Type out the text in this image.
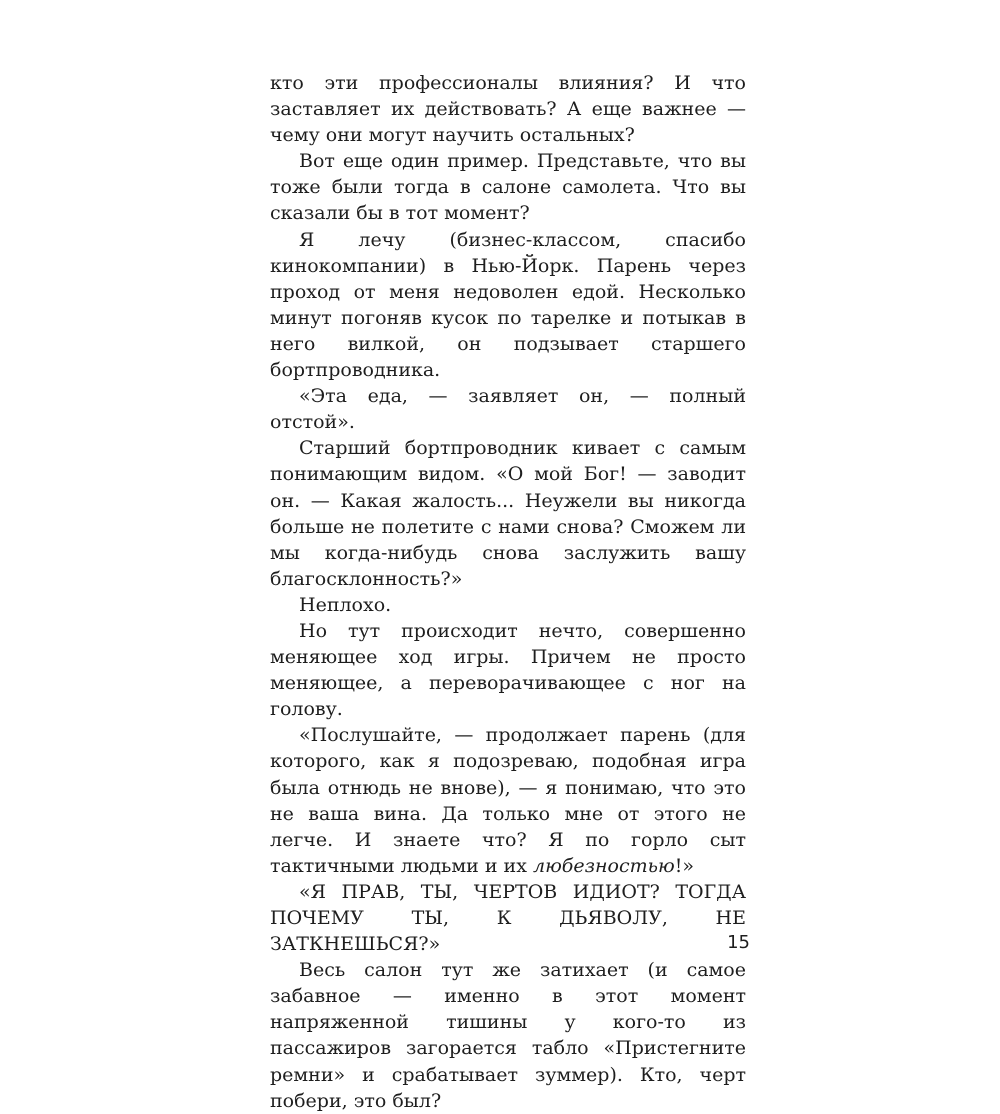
кто эти профессионалы влияния? И что заставляет их действовать? А еще важнее — чему они могут научить остальных?

Вот еще один пример. Представьте, что вы тоже были тогда в салоне самолета. Что вы сказали бы в тот момент?

Я лечу (бизнес-классом, спасибо кинокомпании) в Нью-Йорк. Парень через проход от меня недоволен едой. Несколько минут погоняв кусок по тарелке и потыкав в него вилкой, он подзывает старшего бортпроводника.

«Эта еда, — заявляет он, — полный отстой».

Старший бортпроводник кивает с самым понимающим видом. «О мой Бог! — заводит он. — Какая жалость... Неужели вы никогда больше не полетите с нами снова? Сможем ли мы когда-нибудь снова заслужить вашу благосклонность?»

Неплохо.

Но тут происходит нечто, совершенно меняющее ход игры. Причем не просто меняющее, а переворачивающее с ног на голову.

«Послушайте, — продолжает парень (для которого, как я подозреваю, подобная игра была отнюдь не внове), — я понимаю, что это не ваша вина. Да только мне от этого не легче. И знаете что? Я по горло сыт тактичными людьми и их любезностью!»

«Я ПРАВ, ТЫ, ЧЕРТОВ ИДИОТ? ТОГДА ПОЧЕМУ ТЫ, К ДЬЯВОЛУ, НЕ ЗАТКНЕШЬСЯ?»

Весь салон тут же затихает (и самое забавное — именно в этот момент напряженной тишины у кого-то из пассажиров загорается табло «Пристегните ремни» и срабатывает зуммер). Кто, черт побери, это был?

15
